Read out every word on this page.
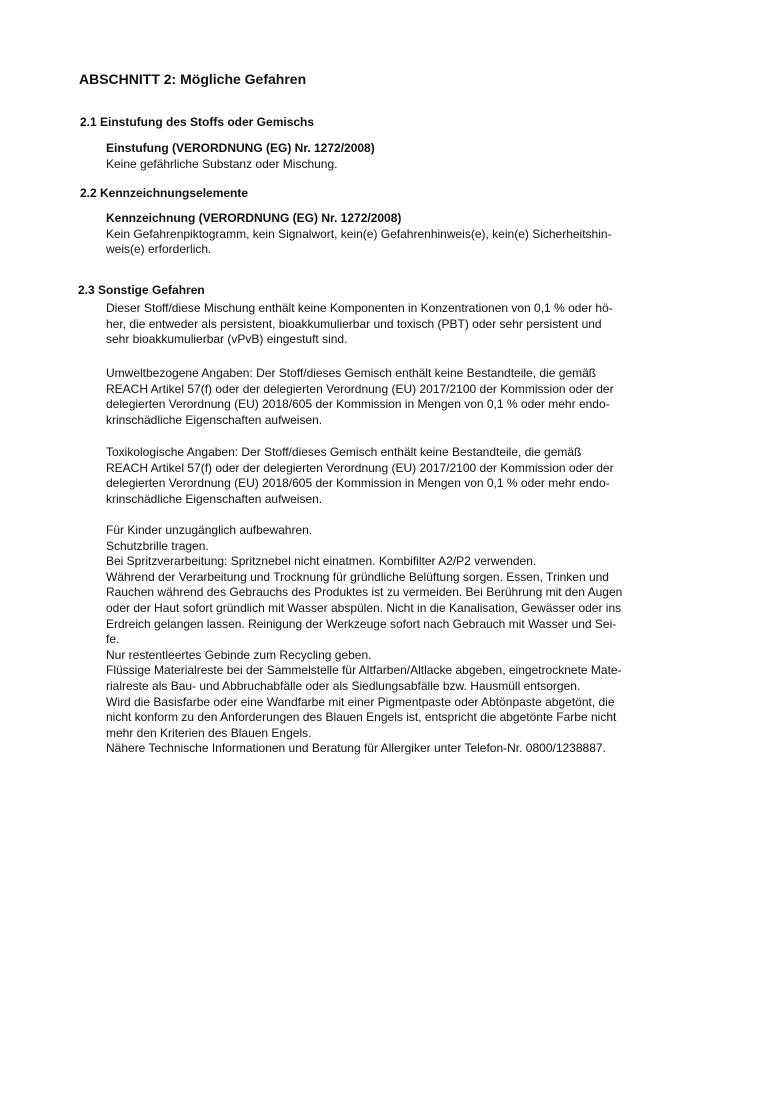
ABSCHNITT 2: Mögliche Gefahren
2.1 Einstufung des Stoffs oder Gemischs

Einstufung (VERORDNUNG (EG) Nr. 1272/2008)

Keine gefährliche Substanz oder Mischung.

2.2 Kennzeichnungselemente

Kennzeichnung (VERORDNUNG (EG) Nr. 1272/2008)

Kein Gefahrenpiktogramm, kein Signalwort, kein(e) Gefahrenhinweis(e), kein(e) Sicherheitshin-

weis(e) erforderlich.

2.3 Sonstige Gefahren

Dieser Stoff/diese Mischung enthält keine Komponenten in Konzentrationen von 0,1 % oder hö-

her, die entweder als persistent, bioakkumulierbar und toxisch (PBT) oder sehr persistent und

sehr bioakkumulierbar (vPvB) eingestuft sind.

Umweltbezogene Angaben: Der Stoff/dieses Gemisch enthält keine Bestandteile, die gemäß

REACH Artikel 57(f) oder der delegierten Verordnung (EU) 2017/2100 der Kommission oder der

delegierten Verordnung (EU) 2018/605 der Kommission in Mengen von 0,1 % oder mehr endo-

krinschädliche Eigenschaften aufweisen.

Toxikologische Angaben: Der Stoff/dieses Gemisch enthält keine Bestandteile, die gemäß

REACH Artikel 57(f) oder der delegierten Verordnung (EU) 2017/2100 der Kommission oder der

delegierten Verordnung (EU) 2018/605 der Kommission in Mengen von 0,1 % oder mehr endo-

krinschädliche Eigenschaften aufweisen.

Für Kinder unzugänglich aufbewahren.

Schutzbrille tragen.

Bei Spritzverarbeitung: Spritznebel nicht einatmen. Kombifilter A2/P2 verwenden.

Während der Verarbeitung und Trocknung für gründliche Belüftung sorgen. Essen, Trinken und

Rauchen während des Gebrauchs des Produktes ist zu vermeiden. Bei Berührung mit den Augen

oder der Haut sofort gründlich mit Wasser abspülen. Nicht in die Kanalisation, Gewässer oder ins

Erdreich gelangen lassen. Reinigung der Werkzeuge sofort nach Gebrauch mit Wasser und Sei-

fe.

Nur restentleertes Gebinde zum Recycling geben.

Flüssige Materialreste bei der Sammelstelle für Altfarben/Altlacke abgeben, eingetrocknete Mate-

rialreste als Bau- und Abbruchabfälle oder als Siedlungsabfälle bzw. Hausmüll entsorgen.

Wird die Basisfarbe oder eine Wandfarbe mit einer Pigmentpaste oder Abtönpaste abgetönt, die

nicht konform zu den Anforderungen des Blauen Engels ist, entspricht die abgetönte Farbe nicht

mehr den Kriterien des Blauen Engels.

Nähere Technische Informationen und Beratung für Allergiker unter Telefon-Nr. 0800/1238887.
